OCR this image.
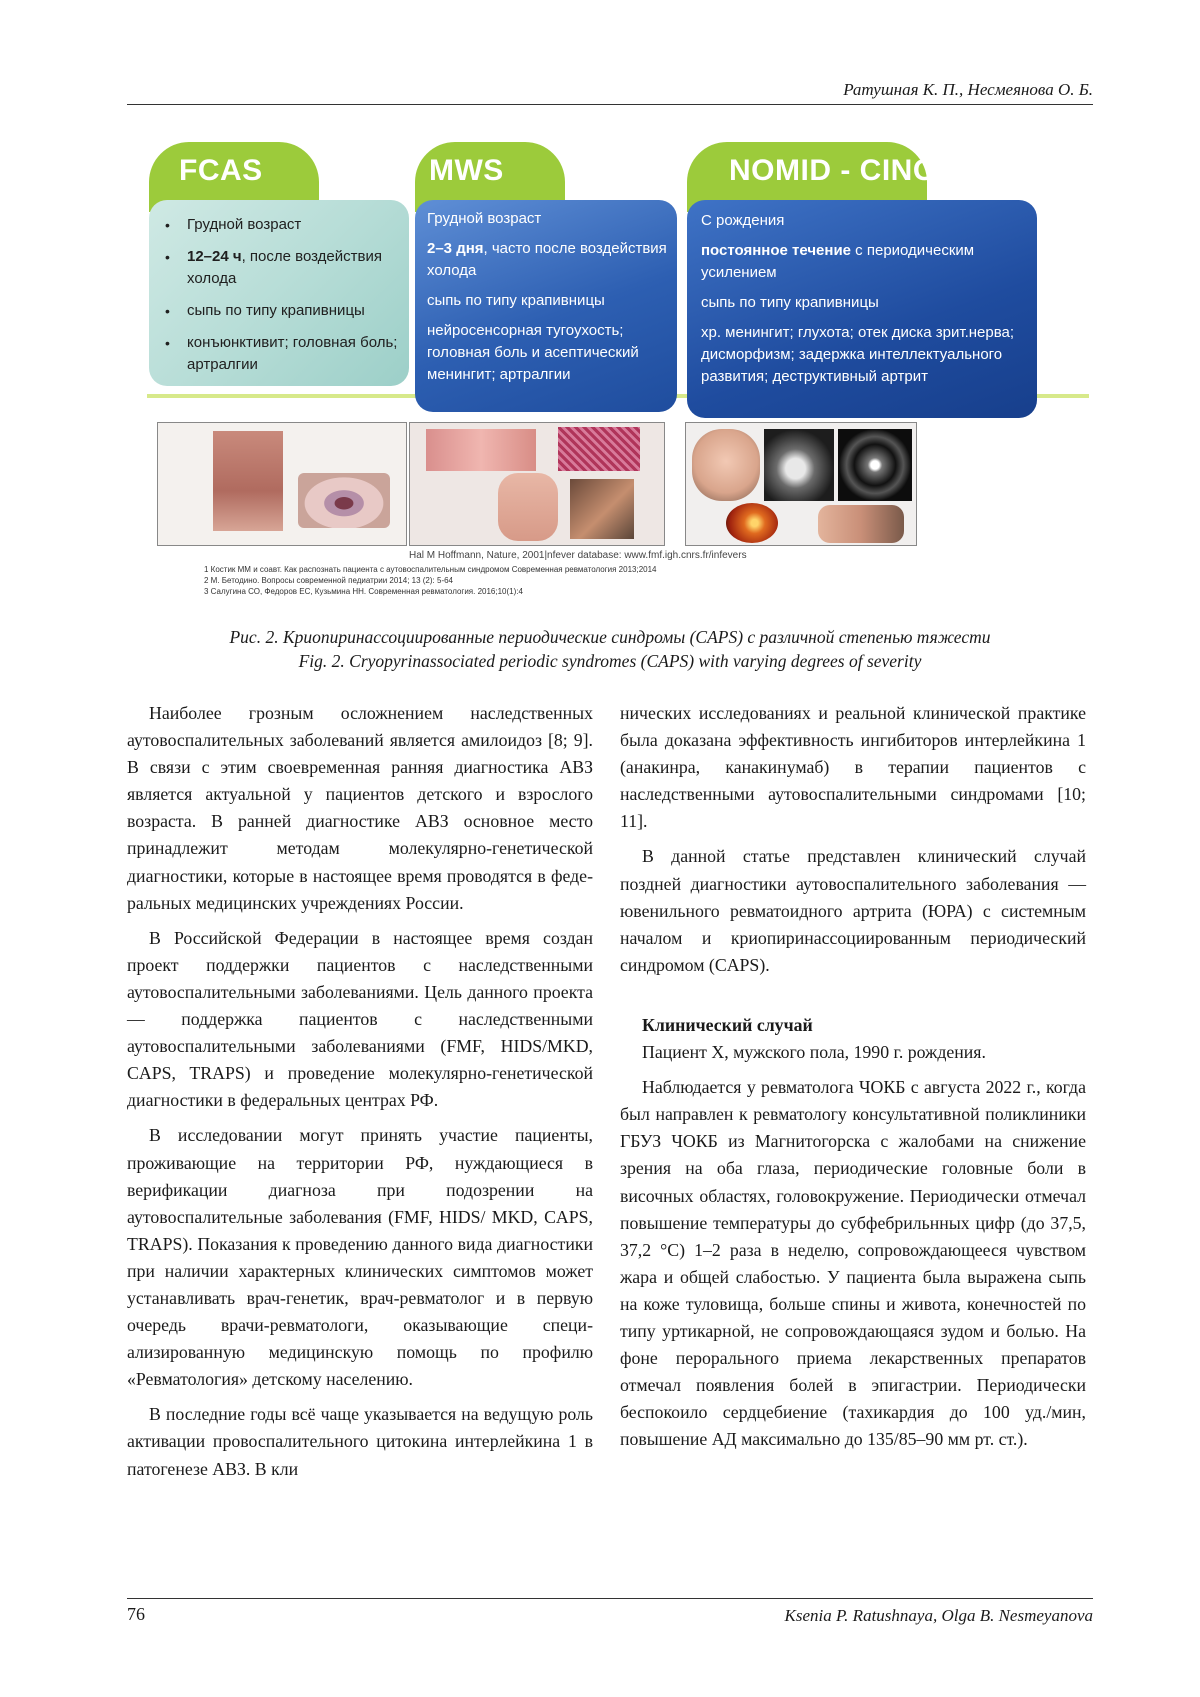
Ратушная К. П., Несмеянова О. Б.
FCAS	MWS	NOMID - CINCA
• Грудной возраст
• 12–24 ч, после воздействия холода
• сыпь по типу крапивницы
• конъюнктивит; головная боль; артралгии
Грудной возраст
2–3 дня, часто после воздействия холода
сыпь по типу крапивницы
нейросенсорная тугоухость; головная боль и асептический менингит; артралгии
С рождения
постоянное течение с периодическим усилением
сыпь по типу крапивницы
хр. менингит; глухота; отек диска зрит.нерва; дисморфизм; задержка интеллектуального развития; деструктивный артрит
Hal M Hoffmann, Nature, 2001|nfever database: www.fmf.igh.cnrs.fr/infevers
1 Костик ММ и соавт. Как распознать пациента с аутовоспалительным синдромом Современная ревматология 2013;2014
2 М. Бетодино. Вопросы современной педиатрии 2014; 13 (2): 5-64
3 Салугина СО, Федоров ЕС, Кузьмина НН. Современная ревматология. 2016;10(1):4
Рис. 2. Криопиринассоциированные периодические синдромы (CAPS) с различной степенью тяжести
Fig. 2. Cryopyrinassociated periodic syndromes (CAPS) with varying degrees of severity

Наиболее грозным осложнением наследственных аутовоспалительных заболеваний является амилоидоз [8; 9]. В связи с этим своевременная ранняя диагностика АВЗ является актуальной у пациентов детского и взрослого возраста. В ранней диагностике АВЗ основное место принадлежит методам молекулярно-генетической диагностики, которые в настоящее время проводятся в федеральных медицинских учреждениях России.

В Российской Федерации в настоящее время создан проект поддержки пациентов с наследственными аутовоспалительными заболеваниями. Цель данного проекта — поддержка пациентов с наследственными аутовоспалительными заболеваниями (FMF, HIDS/MKD, CAPS, TRAPS) и проведение молекулярно-генетической диагностики в федеральных центрах РФ.

В исследовании могут принять участие пациенты, проживающие на территории РФ, нуждающиеся в верификации диагноза при подозрении на аутовоспалительные заболевания (FMF, HIDS/ MKD, CAPS, TRAPS). Показания к проведению данного вида диагностики при наличии характерных клинических симптомов может устанавливать врач-генетик, врач-ревматолог и в первую очередь врачи-ревматологи, оказывающие специализированную медицинскую помощь по профилю «Ревматология» детскому населению.

В последние годы всё чаще указывается на ведущую роль активации провоспалительного цитокина интерлейкина 1 в патогенезе АВЗ. В кли

нических исследованиях и реальной клинической практике была доказана эффективность ингибиторов интерлейкина 1 (анакинра, канакинумаб) в терапии пациентов с наследственными аутовоспалительными синдромами [10; 11].

В данной статье представлен клинический случай поздней диагностики аутовоспалительного заболевания — ювенильного ревматоидного артрита (ЮРА) с системным началом и криопиринассоциированным периодический синдромом (CAPS).

Клинический случай

Пациент Х, мужского пола, 1990 г. рождения.

Наблюдается у ревматолога ЧОКБ с августа 2022 г., когда был направлен к ревматологу консультативной поликлиники ГБУЗ ЧОКБ из Магнитогорска с жалобами на снижение зрения на оба глаза, периодические головные боли в височных областях, головокружение. Периодически отмечал повышение температуры до субфебрильнных цифр (до 37,5, 37,2 °С) 1–2 раза в неделю, сопровождающееся чувством жара и общей слабостью. У пациента была выражена сыпь на коже туловища, больше спины и живота, конечностей по типу уртикарной, не сопровождающаяся зудом и болью. На фоне перорального приема лекарственных препаратов отмечал появления болей в эпигастрии. Периодически беспокоило сердцебиение (тахикардия до 100 уд./мин, повышение АД максимально до 135/85–90 мм рт. ст.).

76	Ksenia P. Ratushnaya, Olga B. Nesmeyanova
